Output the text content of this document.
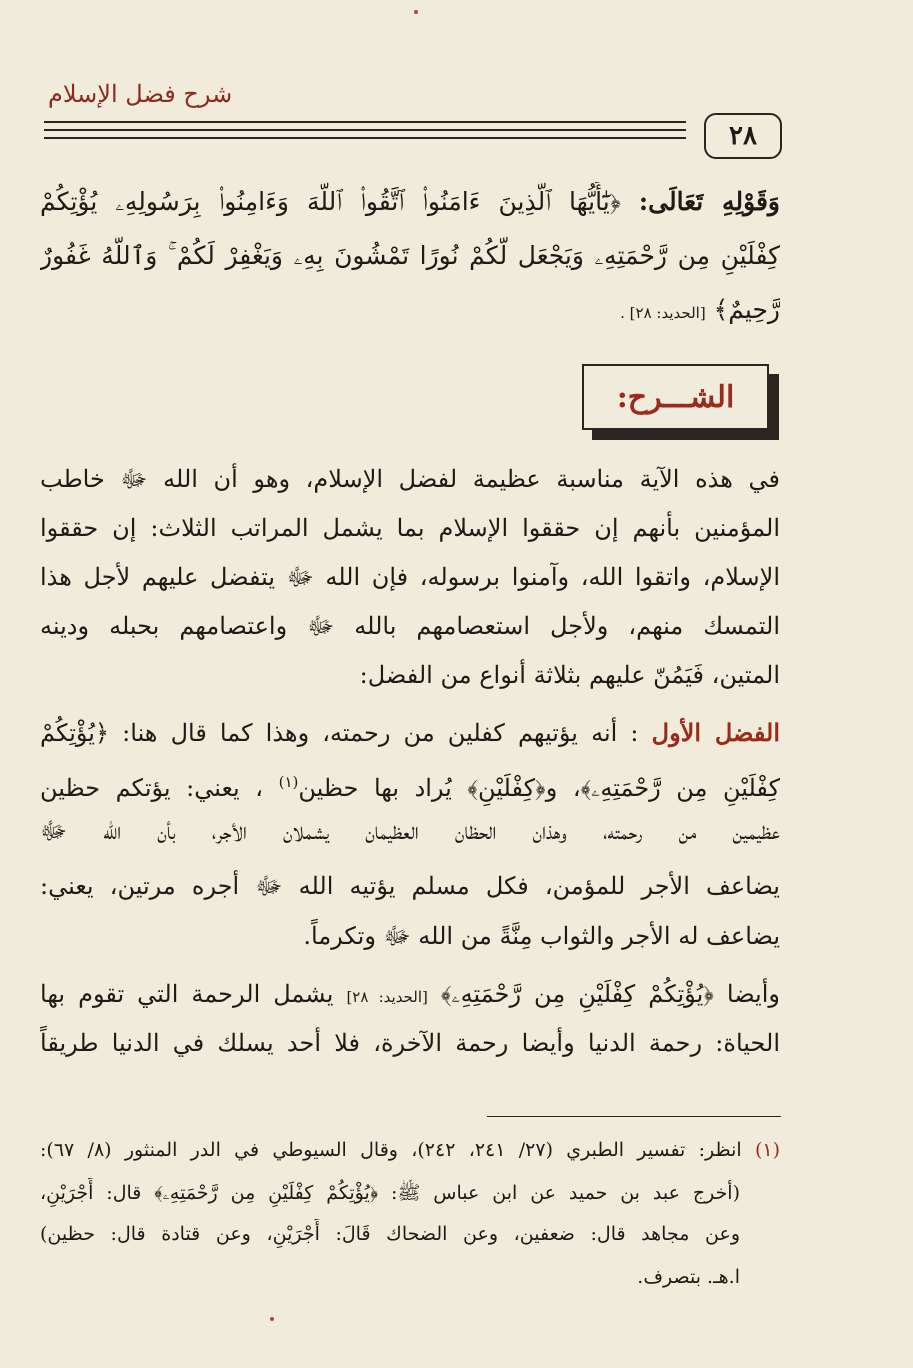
شرح فضل الإسلام
٢٨
وَقَوْلِهِ تَعَالَى: ﴿يَٰٓأَيُّهَا ٱلَّذِينَ ءَامَنُوا۟ ٱتَّقُوا۟ ٱللَّهَ وَءَامِنُوا۟ بِرَسُولِهِۦ يُؤْتِكُمْ
كِفْلَيْنِ مِن رَّحْمَتِهِۦ وَيَجْعَل لَّكُمْ نُورًا تَمْشُونَ بِهِۦ وَيَغْفِرْ لَكُمْ ۚ وَٱللَّهُ غَفُورٌ
رَّحِيمٌ﴾ [الحديد: ٢٨] .
الشـــرح:
في هذه الآية مناسبة عظيمة لفضل الإسلام، وهو أن الله ﷻ خاطب
المؤمنين بأنهم إن حققوا الإسلام بما يشمل المراتب الثلاث: إن حققوا
الإسلام، واتقوا الله، وآمنوا برسوله، فإن الله ﷻ يتفضل عليهم لأجل هذا
التمسك منهم، ولأجل استعصامهم بالله ﷻ واعتصامهم بحبله ودينه
المتين، فَيَمُنّ عليهم بثلاثة أنواع من الفضل:
الفضل الأول : أنه يؤتيهم كفلين من رحمته، وهذا كما قال هنا: ﴿يُؤْتِكُمْ
كِفْلَيْنِ مِن رَّحْمَتِهِۦ﴾، و﴿كِفْلَيْنِ﴾ يُراد بها حظين$^{(١)}$ ، يعني: يؤتكم حظين
عظيمين من رحمته، وهذان الحظان العظيمان يشملان الأجر، بأن الله ﷻ
يضاعف الأجر للمؤمن، فكل مسلم يؤتيه الله ﷻ أجره مرتين، يعني:
يضاعف له الأجر والثواب مِنَّةً من الله ﷻ وتكرماً.
وأيضا ﴿يُؤْتِكُمْ كِفْلَيْنِ مِن رَّحْمَتِهِۦ﴾ [الحديد: ٢٨] يشمل الرحمة التي تقوم بها
الحياة: رحمة الدنيا وأيضا رحمة الآخرة، فلا أحد يسلك في الدنيا طريقاً
(١) انظر: تفسير الطبري (٢٧/ ٢٤١، ٢٤٢)، وقال السيوطي في الدر المنثور (٨/ ٦٧):
(أخرج عبد بن حميد عن ابن عباس ﷺ: ﴿يُؤْتِكُمْ كِفْلَيْنِ مِن رَّحْمَتِهِۦ﴾ قال: أَجْرَيْنِ،
وعن مجاهد قال: ضعفين، وعن الضحاك قَالَ: أَجْرَيْنِ، وعن قتادة قال: حظين)
ا.هـ. بتصرف.
